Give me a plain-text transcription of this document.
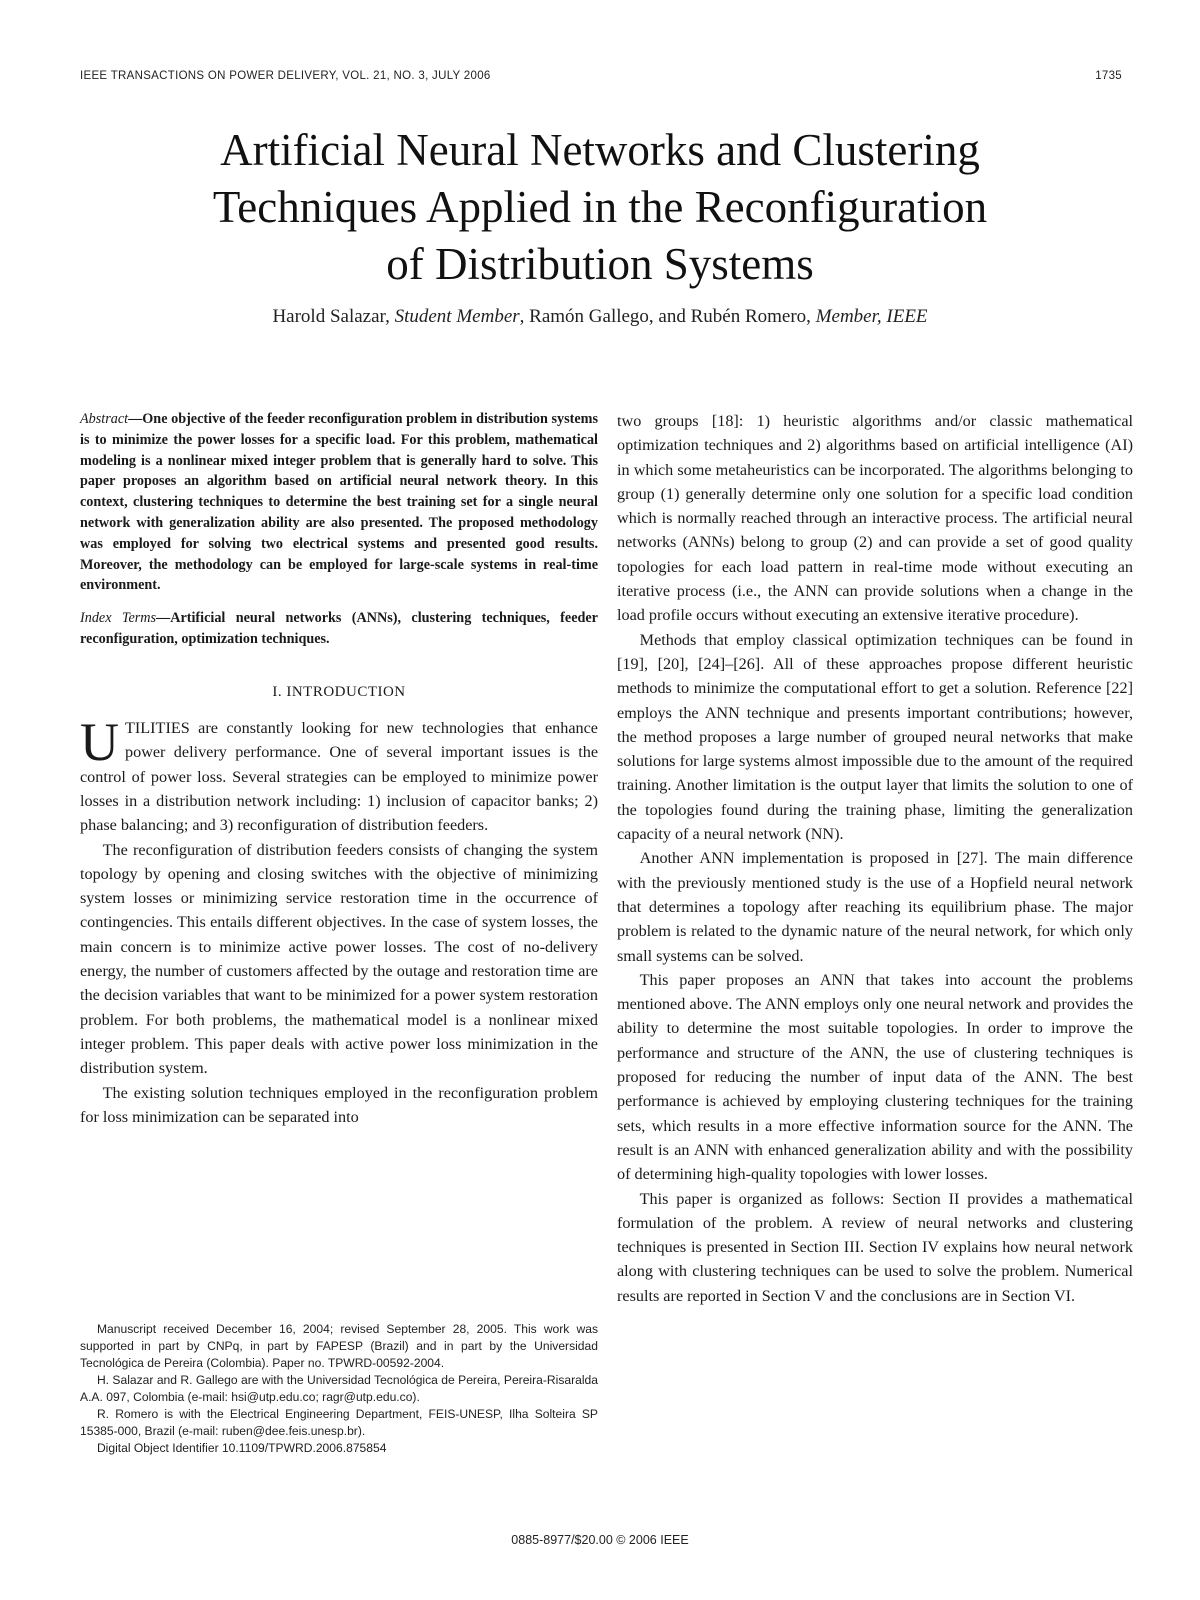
IEEE TRANSACTIONS ON POWER DELIVERY, VOL. 21, NO. 3, JULY 2006	1735
Artificial Neural Networks and Clustering
Techniques Applied in the Reconfiguration
of Distribution Systems
Harold Salazar, Student Member, Ramón Gallego, and Rubén Romero, Member, IEEE

Abstract—One objective of the feeder reconfiguration problem in distribution systems is to minimize the power losses for a specific load. For this problem, mathematical modeling is a nonlinear mixed integer problem that is generally hard to solve. This paper proposes an algorithm based on artificial neural network theory. In this context, clustering techniques to determine the best training set for a single neural network with generalization ability are also presented. The proposed methodology was employed for solving two electrical systems and presented good results. Moreover, the methodology can be employed for large-scale systems in real-time environment.

Index Terms—Artificial neural networks (ANNs), clustering techniques, feeder reconfiguration, optimization techniques.

I. INTRODUCTION

UTILITIES are constantly looking for new technologies that enhance power delivery performance. One of several important issues is the control of power loss. Several strategies can be employed to minimize power losses in a distribution network including: 1) inclusion of capacitor banks; 2) phase balancing; and 3) reconfiguration of distribution feeders.

The reconfiguration of distribution feeders consists of changing the system topology by opening and closing switches with the objective of minimizing system losses or minimizing service restoration time in the occurrence of contingencies. This entails different objectives. In the case of system losses, the main concern is to minimize active power losses. The cost of no-delivery energy, the number of customers affected by the outage and restoration time are the decision variables that want to be minimized for a power system restoration problem. For both problems, the mathematical model is a nonlinear mixed integer problem. This paper deals with active power loss minimization in the distribution system.

The existing solution techniques employed in the reconfiguration problem for loss minimization can be separated into

two groups [18]: 1) heuristic algorithms and/or classic mathematical optimization techniques and 2) algorithms based on artificial intelligence (AI) in which some metaheuristics can be incorporated. The algorithms belonging to group (1) generally determine only one solution for a specific load condition which is normally reached through an interactive process. The artificial neural networks (ANNs) belong to group (2) and can provide a set of good quality topologies for each load pattern in real-time mode without executing an iterative process (i.e., the ANN can provide solutions when a change in the load profile occurs without executing an extensive iterative procedure).

Methods that employ classical optimization techniques can be found in [19], [20], [24]–[26]. All of these approaches propose different heuristic methods to minimize the computational effort to get a solution. Reference [22] employs the ANN technique and presents important contributions; however, the method proposes a large number of grouped neural networks that make solutions for large systems almost impossible due to the amount of the required training. Another limitation is the output layer that limits the solution to one of the topologies found during the training phase, limiting the generalization capacity of a neural network (NN).

Another ANN implementation is proposed in [27]. The main difference with the previously mentioned study is the use of a Hopfield neural network that determines a topology after reaching its equilibrium phase. The major problem is related to the dynamic nature of the neural network, for which only small systems can be solved.

This paper proposes an ANN that takes into account the problems mentioned above. The ANN employs only one neural network and provides the ability to determine the most suitable topologies. In order to improve the performance and structure of the ANN, the use of clustering techniques is proposed for reducing the number of input data of the ANN. The best performance is achieved by employing clustering techniques for the training sets, which results in a more effective information source for the ANN. The result is an ANN with enhanced generalization ability and with the possibility of determining high-quality topologies with lower losses.

This paper is organized as follows: Section II provides a mathematical formulation of the problem. A review of neural networks and clustering techniques is presented in Section III. Section IV explains how neural network along with clustering techniques can be used to solve the problem. Numerical results are reported in Section V and the conclusions are in Section VI.

Manuscript received December 16, 2004; revised September 28, 2005. This work was supported in part by CNPq, in part by FAPESP (Brazil) and in part by the Universidad Tecnológica de Pereira (Colombia). Paper no. TPWRD-00592-2004.

H. Salazar and R. Gallego are with the Universidad Tecnológica de Pereira, Pereira-Risaralda A.A. 097, Colombia (e-mail: hsi@utp.edu.co; ragr@utp.edu.co).

R. Romero is with the Electrical Engineering Department, FEIS-UNESP, Ilha Solteira SP 15385-000, Brazil (e-mail: ruben@dee.feis.unesp.br).

Digital Object Identifier 10.1109/TPWRD.2006.875854

0885-8977/$20.00 © 2006 IEEE
